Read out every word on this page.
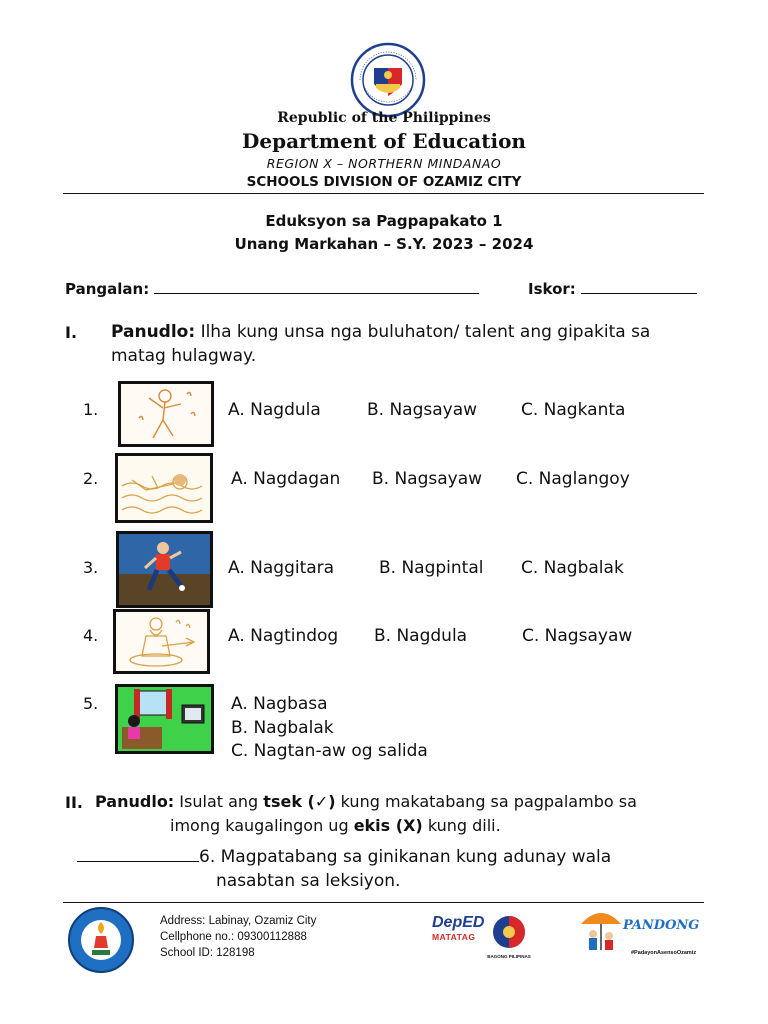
Republic of the Philippines
Department of Education
REGION X – NORTHERN MINDANAO
SCHOOLS DIVISION OF OZAMIZ CITY
Eduksyon sa Pagpapakato 1
Unang Markahan – S.Y. 2023 – 2024
Pangalan:	Iskor:
I. Panudlo: Ilha kung unsa nga buluhaton/ talent ang gipakita sa
matag hulagway.
1.	A. Nagdula	B. Nagsayaw	C. Nagkanta
2.	A. Nagdagan B. Nagsayaw C. Naglangoy
3.	A. Naggitara	B. Nagpintal C. Nagbalak
4.	A. Nagtindog B. Nagdula	C. Nagsayaw
5.	A. Nagbasa
B. Nagbalak
C. Nagtan-aw og salida
II. Panudlo: Isulat ang tsek (✓) kung makatabang sa pagpalambo sa
imong kaugalingon ug ekis (X) kung dili.
6. Magpatabang sa ginikanan kung adunay wala
nasabtan sa leksiyon.
Address: Labinay, Ozamiz City
Cellphone no.: 09300112888
School ID: 128198
DepED
MATATAG
BAGONG PILIPINAS
PANDONG
#PadayonAsensoOzamiz
